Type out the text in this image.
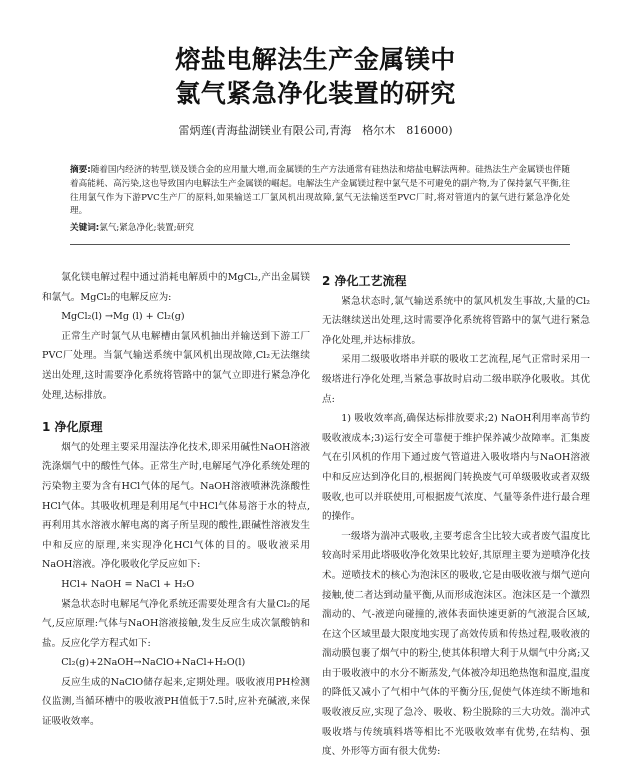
熔盐电解法生产金属镁中
氯气紧急净化装置的研究
雷炳莲(青海盐湖镁业有限公司,青海　格尔木　816000)
摘要:随着国内经济的转型,镁及镁合金的应用量大增,而金属镁的生产方法通常有硅热法和熔盐电解法两种。硅热法生产金属镁也伴随着高能耗、高污染,这也导致国内电解法生产金属镁的崛起。电解法生产金属镁过程中氯气是不可避免的副产物,为了保持氯气平衡,往往用氯气作为下游PVC生产厂的原料,如果输送工厂氯风机出现故障,氯气无法输送至PVC厂时,将对管道内的氯气进行紧急净化处理。
关键词:氯气;紧急净化;装置;研究

氯化镁电解过程中通过消耗电解质中的MgCl₂,产出金属镁和氯气。MgCl₂的电解反应为:

MgCl₂(l) →Mg (l) + Cl₂(g)

正常生产时氯气从电解槽由氯风机抽出并输送到下游工厂PVC厂处理。当氯气输送系统中氯风机出现故障,Cl₂无法继续送出处理,这时需要净化系统将管路中的氯气立即进行紧急净化处理,达标排放。

1 净化原理

烟气的处理主要采用湿法净化技术,即采用碱性NaOH溶液洗涤烟气中的酸性气体。正常生产时,电解尾气净化系统处理的污染物主要为含有HCl气体的尾气。NaOH溶液喷淋洗涤酸性HCl气体。其吸收机理是利用尾气中HCl气体易溶于水的特点,再利用其水溶液水解电离的离子所呈现的酸性,跟碱性溶液发生中和反应的原理,来实现净化HCl气体的目的。吸收液采用NaOH溶液。净化吸收化学反应如下:

HCl+ NaOH = NaCl + H₂O

紧急状态时电解尾气净化系统还需要处理含有大量Cl₂的尾气,反应原理:气体与NaOH溶液接触,发生反应生成次氯酸钠和盐。反应化学方程式如下:

Cl₂(g)+2NaOH→NaClO+NaCl+H₂O(l)

反应生成的NaClO储存起来,定期处理。吸收液用PH检测仪监测,当循环槽中的吸收液PH值低于7.5时,应补充碱液,来保证吸收效率。

2 净化工艺流程

紧急状态时,氯气输送系统中的氯风机发生事故,大量的Cl₂无法继续送出处理,这时需要净化系统将管路中的氯气进行紧急净化处理,并达标排放。

采用二级吸收塔串并联的吸收工艺流程,尾气正常时采用一级塔进行净化处理,当紧急事故时启动二级串联净化吸收。其优点:

1) 吸收效率高,确保达标排放要求;2) NaOH利用率高节约吸收液成本;3)运行安全可靠便于维护保养减少故障率。汇集废气在引风机的作用下通过废气管道进入吸收塔内与NaOH溶液中和反应达到净化目的,根据阀门转换废气可单级吸收或者双级吸收,也可以并联使用,可根据废气浓度、气量等条件进行最合理的操作。

一级塔为湍冲式吸收,主要考虑含尘比较大或者废气温度比较高时采用此塔吸收净化效果比较好,其原理主要为逆喷净化技术。逆喷技术的核心为泡沫区的吸收,它是由吸收液与烟气逆向接触,使二者达到动量平衡,从而形成泡沫区。泡沫区是一个激烈湍动的、气-液逆向碰撞的,液体表面快速更新的气液混合区域,在这个区域里最大限度地实现了高效传质和传热过程,吸收液的湍动膜包裹了烟气中的粉尘,使其体积增大利于从烟气中分离;又由于吸收液中的水分不断蒸发,气体被冷却迅绝热饱和温度,温度的降低又减小了气相中气体的平衡分压,促使气体连续不断地和吸收液反应,实现了急冷、吸收、粉尘脱除的三大功效。湍冲式吸收塔与传统填料塔等相比不光吸收效率有优势,在结构、强度、外形等方面有很大优势:
